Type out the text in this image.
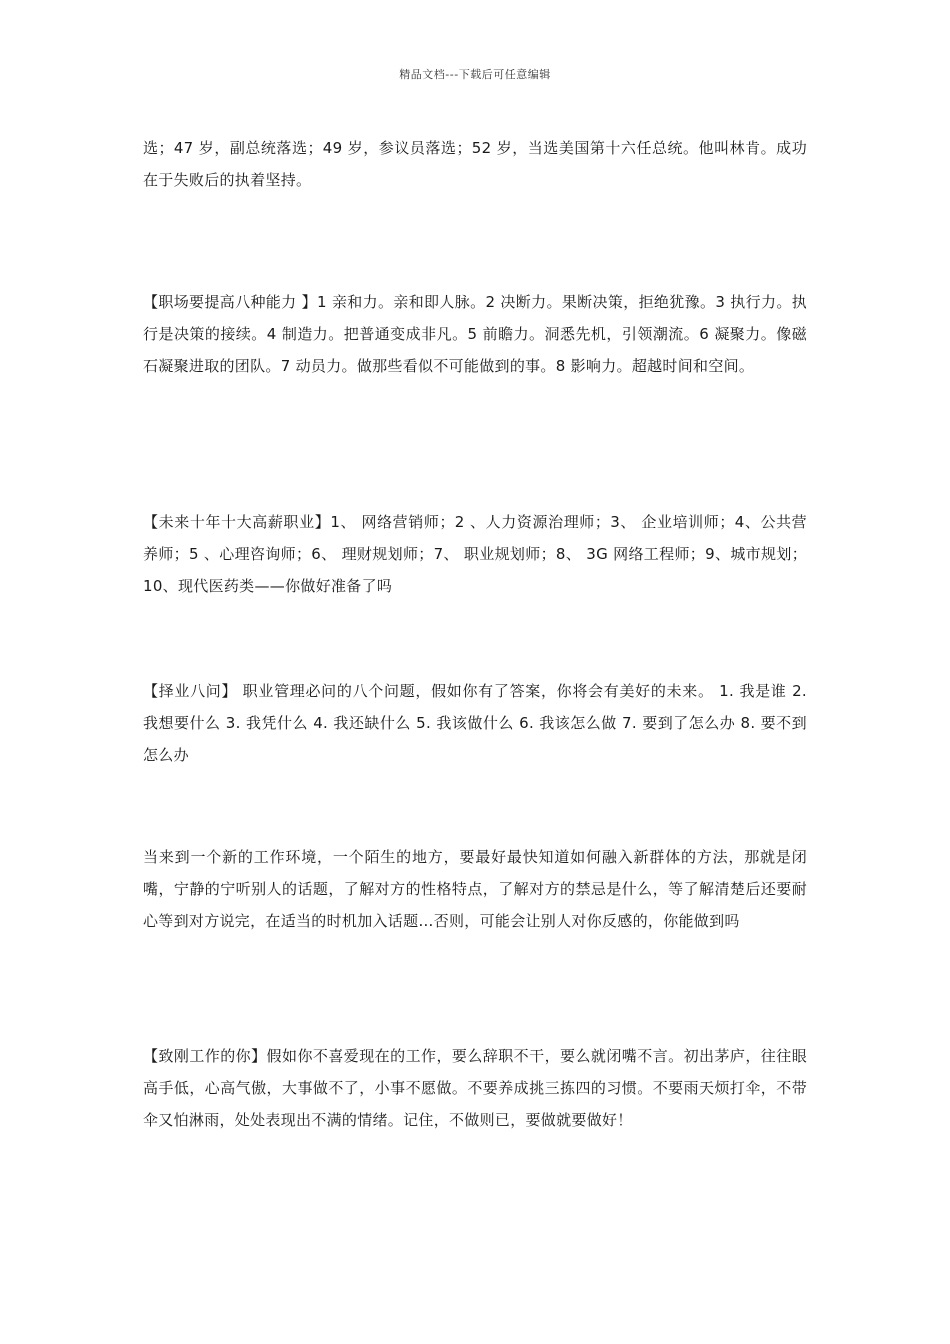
精品文档---下载后可任意编辑

选；47 岁，副总统落选；49 岁，参议员落选；52 岁，当选美国第十六任总统。他叫林肯。成功在于失败后的执着坚持。

【职场要提高八种能力 】1 亲和力。亲和即人脉。2 决断力。果断决策，拒绝犹豫。3 执行力。执行是决策的接续。4 制造力。把普通变成非凡。5 前瞻力。洞悉先机，引领潮流。6 凝聚力。像磁石凝聚进取的团队。7 动员力。做那些看似不可能做到的事。8 影响力。超越时间和空间。

【未来十年十大高薪职业】1、 网络营销师；2 、人力资源治理师；3、 企业培训师；4、公共营养师；5 、心理咨询师；6、 理财规划师；7、 职业规划师；8、 3G 网络工程师；9、城市规划；10、现代医药类——你做好准备了吗

【择业八问】 职业管理必问的八个问题，假如你有了答案，你将会有美好的未来。 1. 我是谁 2. 我想要什么 3. 我凭什么 4. 我还缺什么 5. 我该做什么 6. 我该怎么做 7. 要到了怎么办 8. 要不到怎么办

当来到一个新的工作环境，一个陌生的地方，要最好最快知道如何融入新群体的方法，那就是闭嘴，宁静的宁听别人的话题，了解对方的性格特点，了解对方的禁忌是什么，等了解清楚后还要耐心等到对方说完，在适当的时机加入话题…否则，可能会让别人对你反感的，你能做到吗

【致刚工作的你】假如你不喜爱现在的工作，要么辞职不干，要么就闭嘴不言。初出茅庐，往往眼高手低，心高气傲，大事做不了，小事不愿做。不要养成挑三拣四的习惯。不要雨天烦打伞，不带伞又怕淋雨，处处表现出不满的情绪。记住，不做则已，要做就要做好！
